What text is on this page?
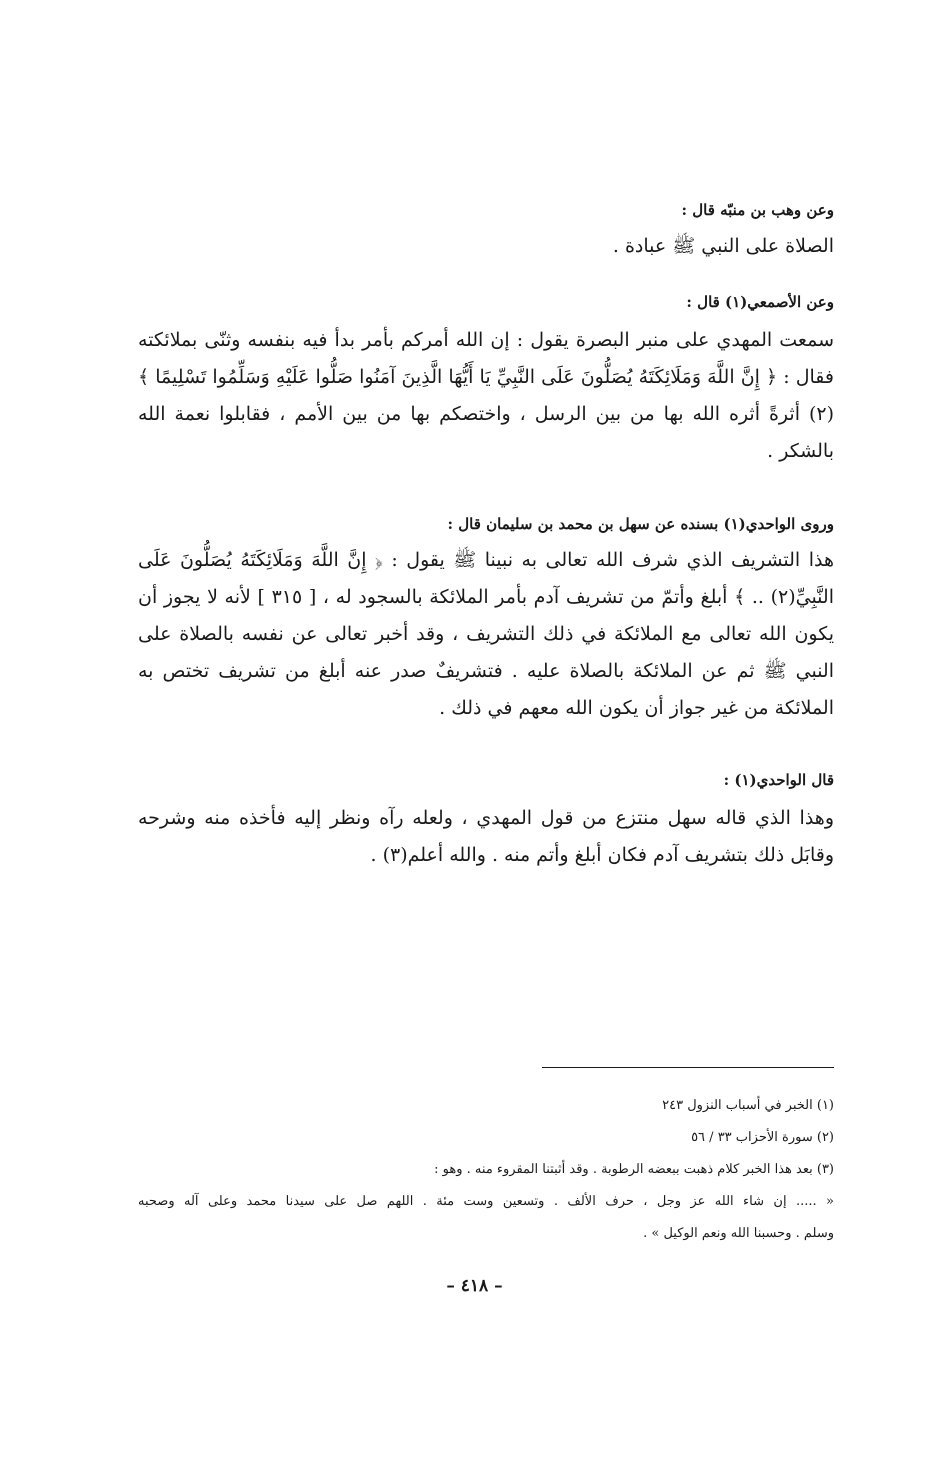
وعن وهب بن منبّه قال :
الصلاة على النبي ﷺ عبادة .
وعن الأصمعي(١) قال :
سمعت المهدي على منبر البصرة يقول : إن الله أمركم بأمر بدأ فيه بنفسه وثنّى بملائكته فقال : ﴿ إِنَّ اللَّهَ وَمَلَائِكَتَهُ يُصَلُّونَ عَلَى النَّبِيِّ يَا أَيُّهَا الَّذِينَ آمَنُوا صَلُّوا عَلَيْهِ وَسَلِّمُوا تَسْلِيمًا ﴾(٢) أثرةً أثره الله بها من بين الرسل ، واختصكم بها من بين الأمم ، فقابلوا نعمة الله بالشكر .
وروى الواحدي(١) بسنده عن سهل بن محمد بن سليمان قال :
هذا التشريف الذي شرف الله تعالى به نبينا ﷺ يقول : ﴿ إِنَّ اللَّهَ وَمَلَائِكَتَهُ يُصَلُّونَ عَلَى النَّبِيِّ(٢) .. ﴾ أبلغ وأتمّ من تشريف آدم بأمر الملائكة بالسجود له ، [ ٣١٥ ] لأنه لا يجوز أن يكون الله تعالى مع الملائكة في ذلك التشريف ، وقد أخبر تعالى عن نفسه بالصلاة على النبي ﷺ ثم عن الملائكة بالصلاة عليه . فتشريفٌ صدر عنه أبلغ من تشريف تختص به الملائكة من غير جواز أن يكون الله معهم في ذلك .
قال الواحدي(١) :
وهذا الذي قاله سهل منتزع من قول المهدي ، ولعله رآه ونظر إليه فأخذه منه وشرحه وقابَل ذلك بتشريف آدم فكان أبلغ وأتم منه . والله أعلم(٣) .
(١) الخبر في أسباب النزول ٢٤٣
(٢) سورة الأحزاب ٣٣ / ٥٦
(٣) بعد هذا الخبر كلام ذهبت ببعضه الرطوبة . وقد أثبتنا المقروء منه . وهو :
« ..... إن شاء الله عز وجل ، حرف الألف . وتسعين وست مئة . اللهم صل على سيدنا محمد وعلى آله وصحبه
وسلم . وحسبنا الله ونعم الوكيل » .
– ٤١٨ –
